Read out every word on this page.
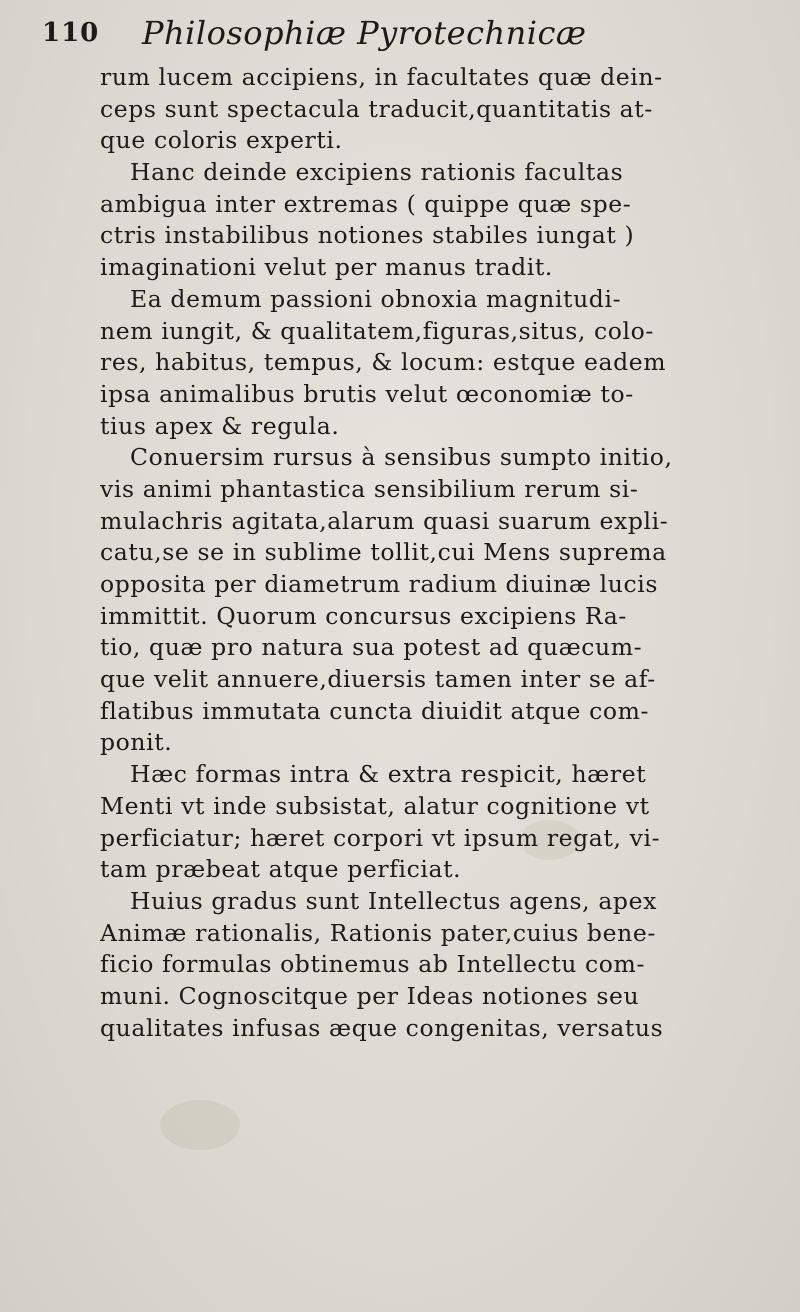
110 Philosophiæ Pyrotechnicæ
rum lucem accipiens, in facultates quæ dein-
ceps sunt spectacula traducit,quantitatis at-
que coloris experti.
Hanc deinde excipiens rationis facultas
ambigua inter extremas ( quippe quæ spe-
ctris instabilibus notiones stabiles iungat )
imaginationi velut per manus tradit.
Ea demum passioni obnoxia magnitudi-
nem iungit, & qualitatem,figuras,situs, colo-
res, habitus, tempus, & locum: estque eadem
ipsa animalibus brutis velut œconomiæ to-
tius apex & regula.
Conuersim rursus à sensibus sumpto initio,
vis animi phantastica sensibilium rerum si-
mulachris agitata,alarum quasi suarum expli-
catu,se se in sublime tollit,cui Mens suprema
opposita per diametrum radium diuinæ lucis
immittit. Quorum concursus excipiens Ra-
tio, quæ pro natura sua potest ad quæcum-
que velit annuere,diuersis tamen inter se af-
flatibus immutata cuncta diuidit atque com-
ponit.
Hæc formas intra & extra respicit, hæret
Menti vt inde subsistat, alatur cognitione vt
perficiatur; hæret corpori vt ipsum regat, vi-
tam præbeat atque perficiat.
Huius gradus sunt Intellectus agens, apex
Animæ rationalis, Rationis pater,cuius bene-
ficio formulas obtinemus ab Intellectu com-
muni. Cognoscitque per Ideas notiones seu
qualitates infusas æque congenitas, versatus
